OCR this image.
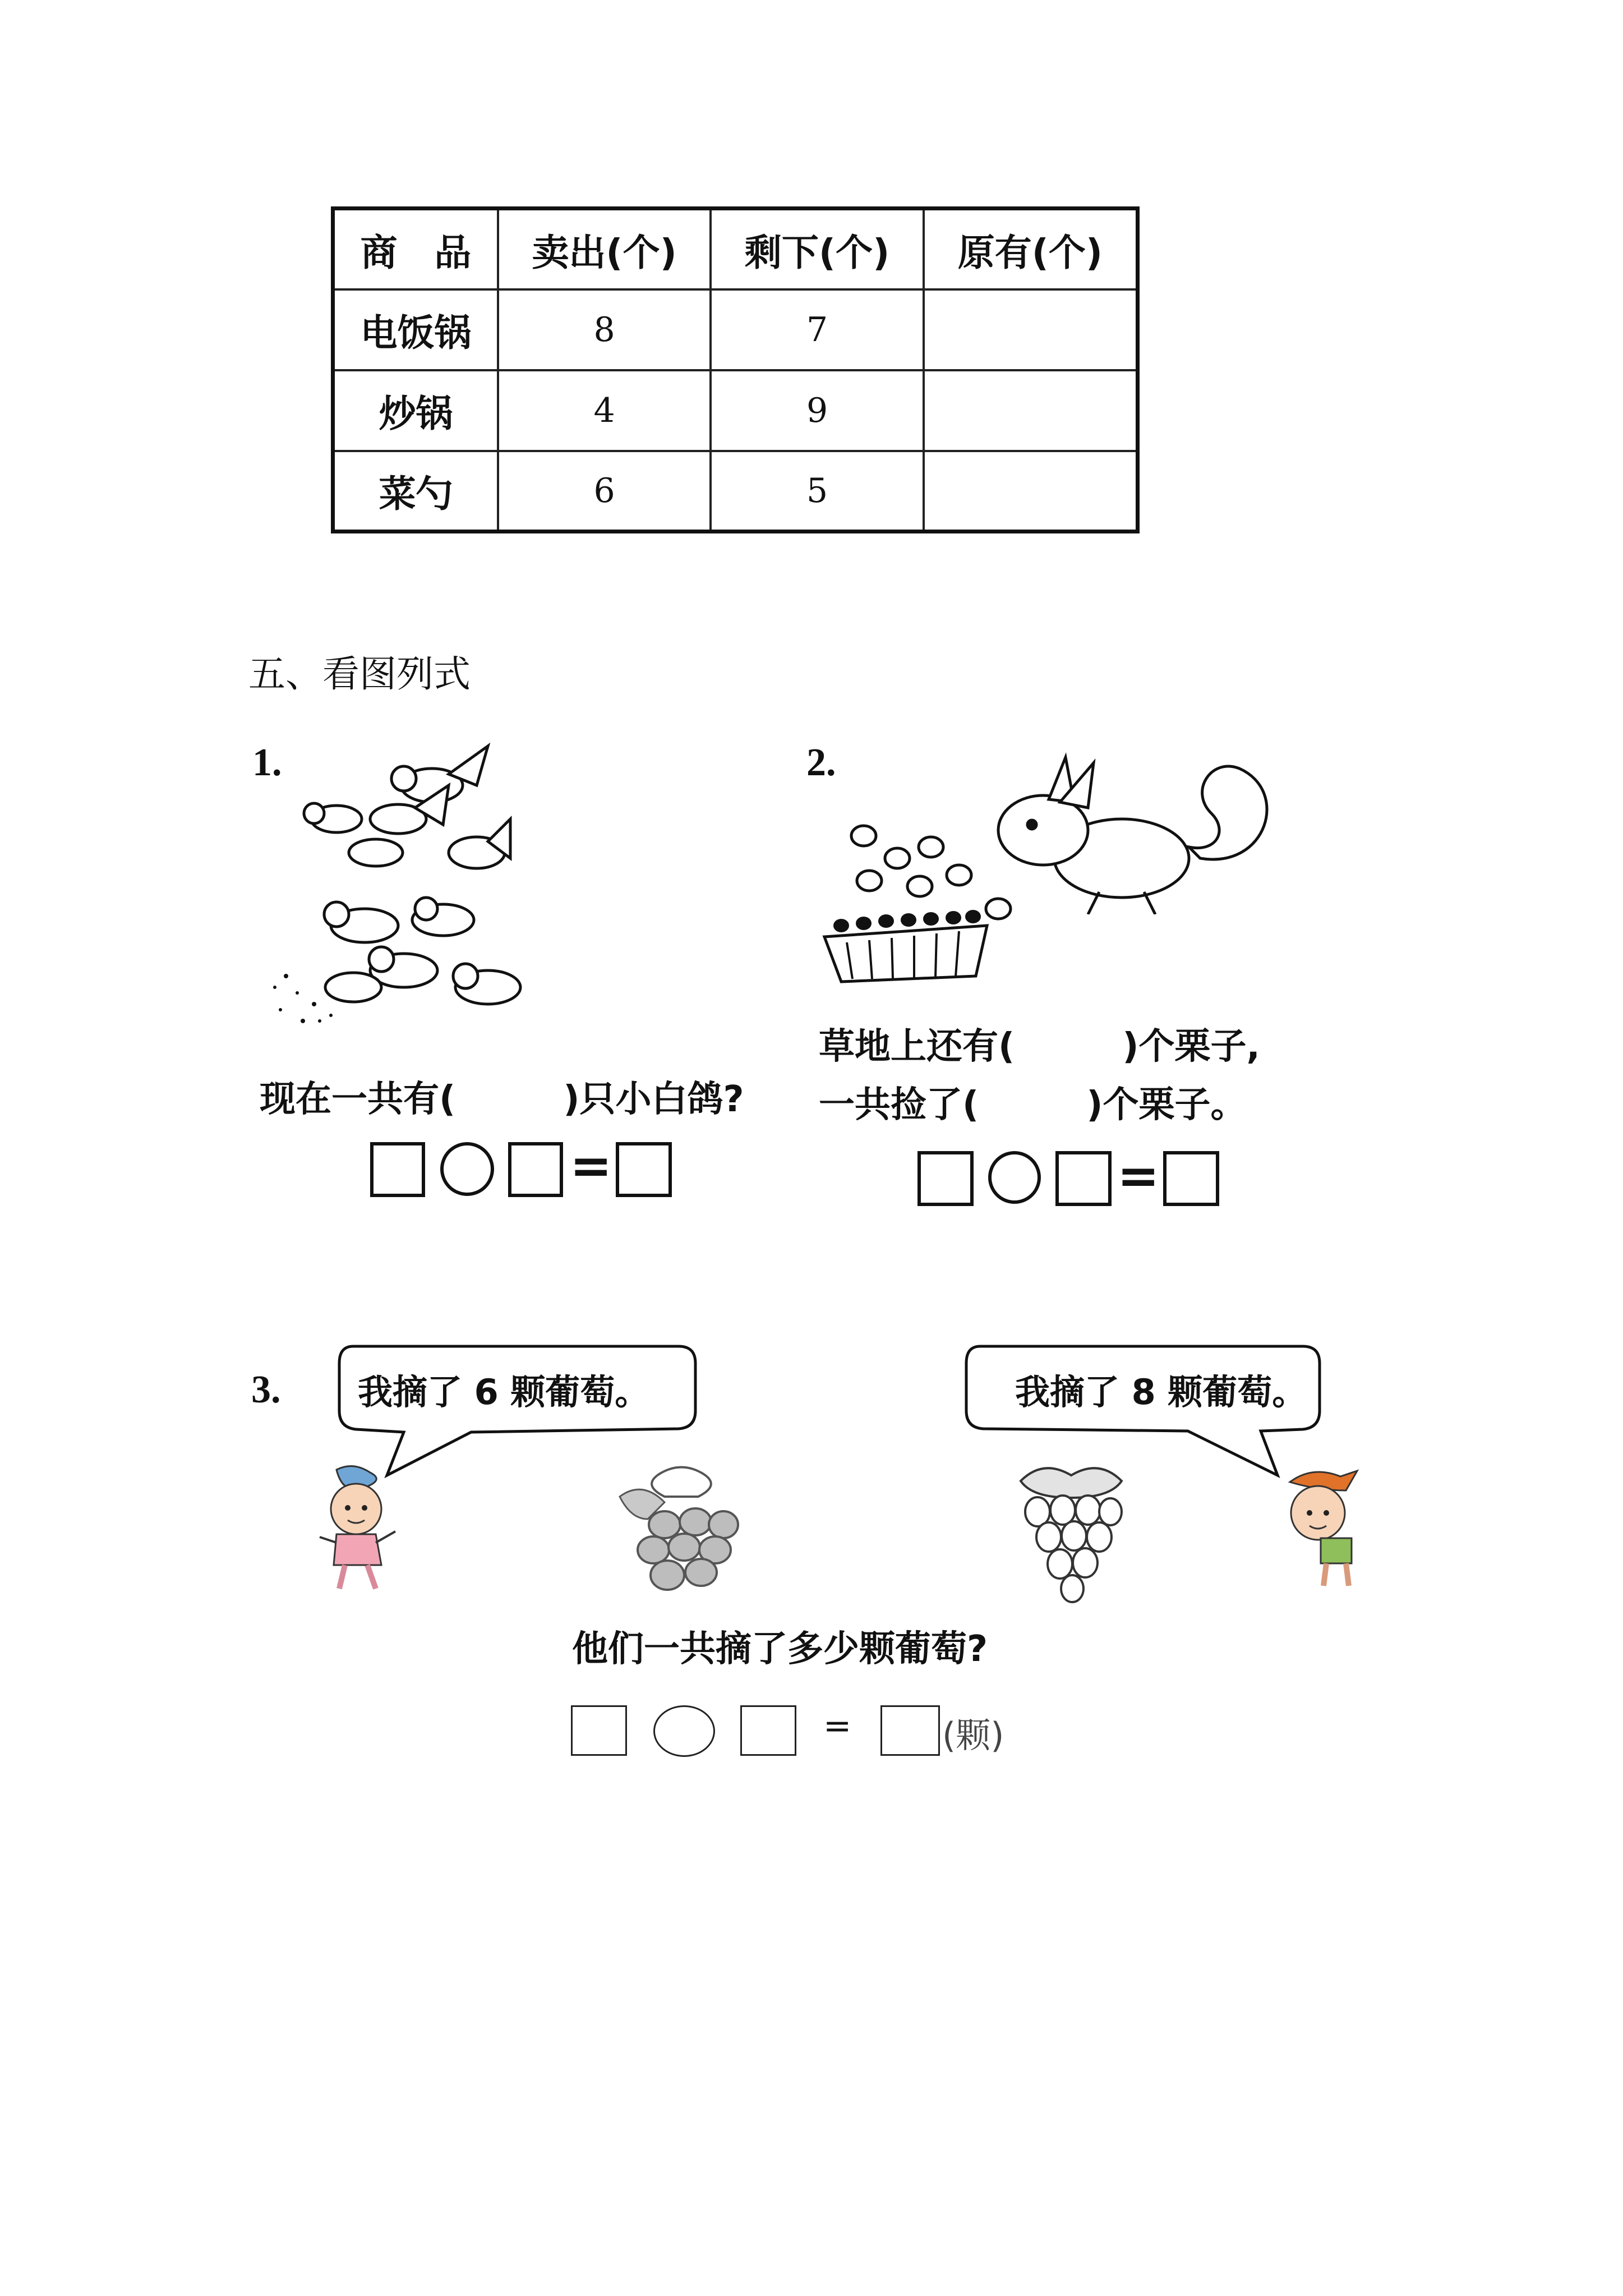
商　品	卖出(个)	剩下(个)	原有(个)
电饭锅	8	7	
炒锅	4	9	
菜勺	6	5	
五、看图列式
1.
现在一共有(　　　)只小白鸽?
=
2.
草地上还有(　　　)个栗子,
一共捡了(　　　)个栗子。
=
3. 我摘了 6 颗葡萄。	我摘了 8 颗葡萄。
他们一共摘了多少颗葡萄?
=	(颗)
